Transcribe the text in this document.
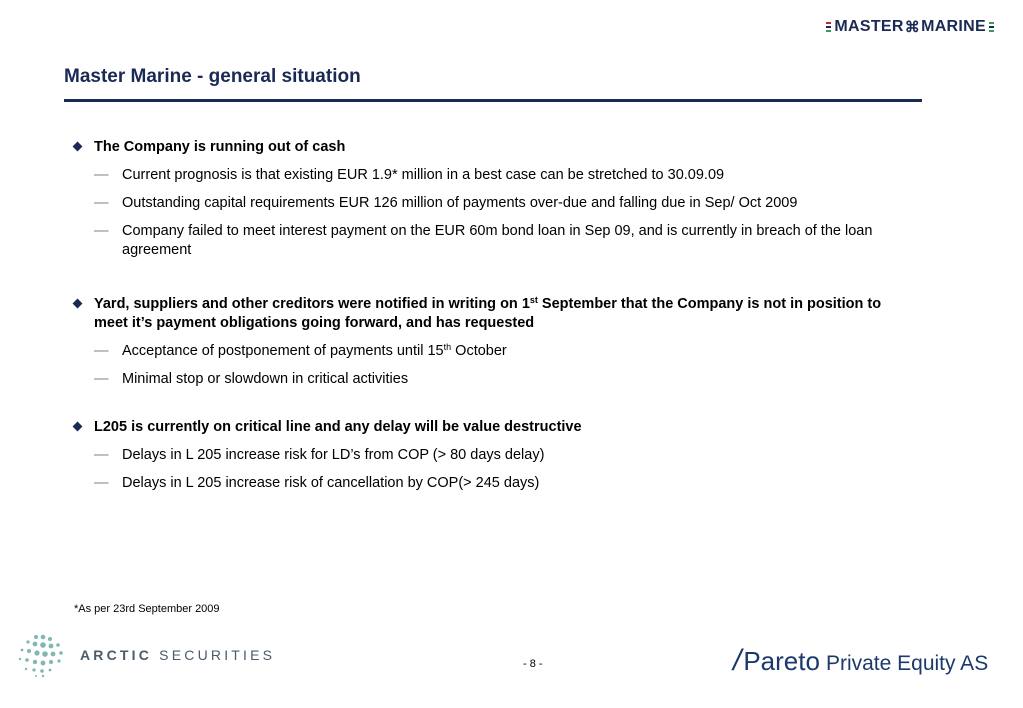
MASTER ⌘ MARINE
Master Marine - general situation
The Company is running out of cash
— Current prognosis is that existing EUR 1.9* million in a best case can be stretched to 30.09.09
— Outstanding capital requirements EUR 126 million of payments over-due and falling due in Sep/ Oct 2009
— Company failed to meet interest payment on the EUR 60m bond loan in Sep 09, and is currently in breach of the loan agreement
Yard, suppliers and other creditors were notified in writing on 1st September that the Company is not in position to meet it’s payment obligations going forward, and has requested
— Acceptance of postponement of payments until 15th October
— Minimal stop or slowdown in critical activities
L205 is currently on critical line and any delay will be value destructive
— Delays in L 205 increase risk for LD’s from COP (> 80 days delay)
— Delays in L 205 increase risk of cancellation by COP(> 245 days)
*As per 23rd September 2009
- 8 -
ARCTIC SECURITIES	/ Pareto Private Equity AS
